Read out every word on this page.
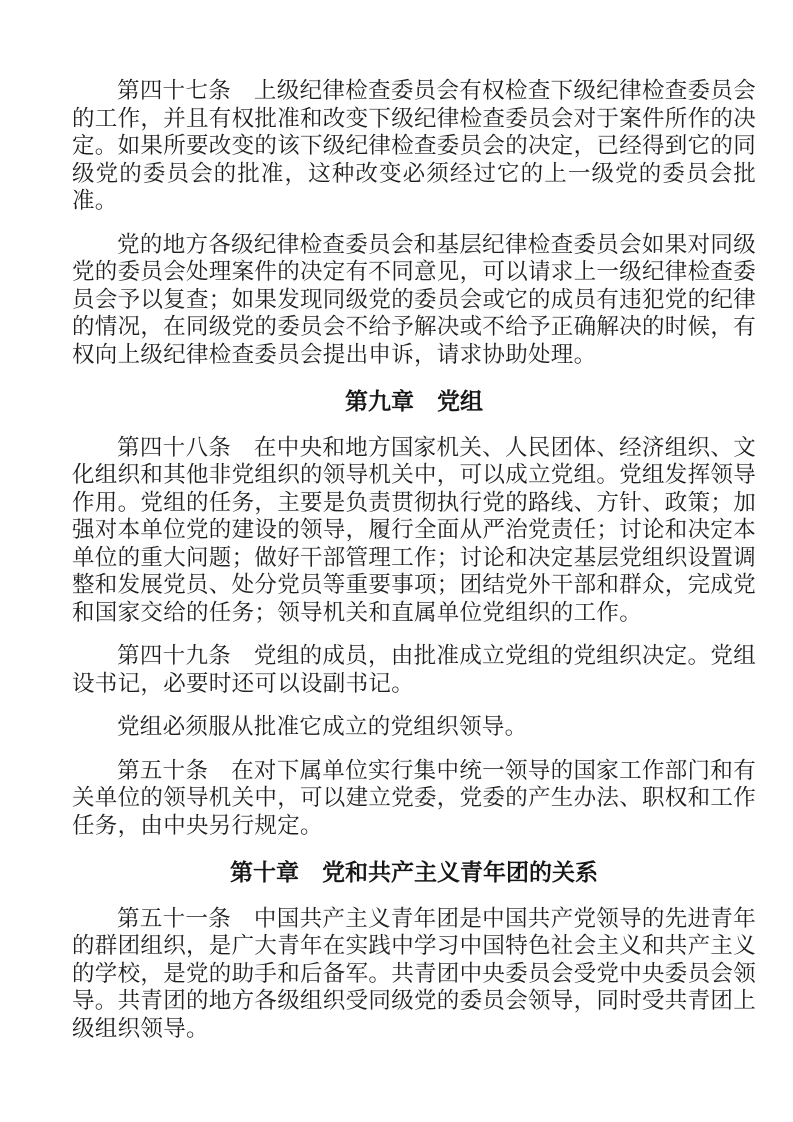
第四十七条　上级纪律检查委员会有权检查下级纪律检查委员会的工作，并且有权批准和改变下级纪律检查委员会对于案件所作的决定。如果所要改变的该下级纪律检查委员会的决定，已经得到它的同级党的委员会的批准，这种改变必须经过它的上一级党的委员会批准。

党的地方各级纪律检查委员会和基层纪律检查委员会如果对同级党的委员会处理案件的决定有不同意见，可以请求上一级纪律检查委员会予以复查；如果发现同级党的委员会或它的成员有违犯党的纪律的情况，在同级党的委员会不给予解决或不给予正确解决的时候，有权向上级纪律检查委员会提出申诉，请求协助处理。

第九章　党组

第四十八条　在中央和地方国家机关、人民团体、经济组织、文化组织和其他非党组织的领导机关中，可以成立党组。党组发挥领导作用。党组的任务，主要是负责贯彻执行党的路线、方针、政策；加强对本单位党的建设的领导，履行全面从严治党责任；讨论和决定本单位的重大问题；做好干部管理工作；讨论和决定基层党组织设置调整和发展党员、处分党员等重要事项；团结党外干部和群众，完成党和国家交给的任务；领导机关和直属单位党组织的工作。

第四十九条　党组的成员，由批准成立党组的党组织决定。党组设书记，必要时还可以设副书记。

党组必须服从批准它成立的党组织领导。

第五十条　在对下属单位实行集中统一领导的国家工作部门和有关单位的领导机关中，可以建立党委，党委的产生办法、职权和工作任务，由中央另行规定。

第十章　党和共产主义青年团的关系

第五十一条　中国共产主义青年团是中国共产党领导的先进青年的群团组织，是广大青年在实践中学习中国特色社会主义和共产主义的学校，是党的助手和后备军。共青团中央委员会受党中央委员会领导。共青团的地方各级组织受同级党的委员会领导，同时受共青团上级组织领导。
